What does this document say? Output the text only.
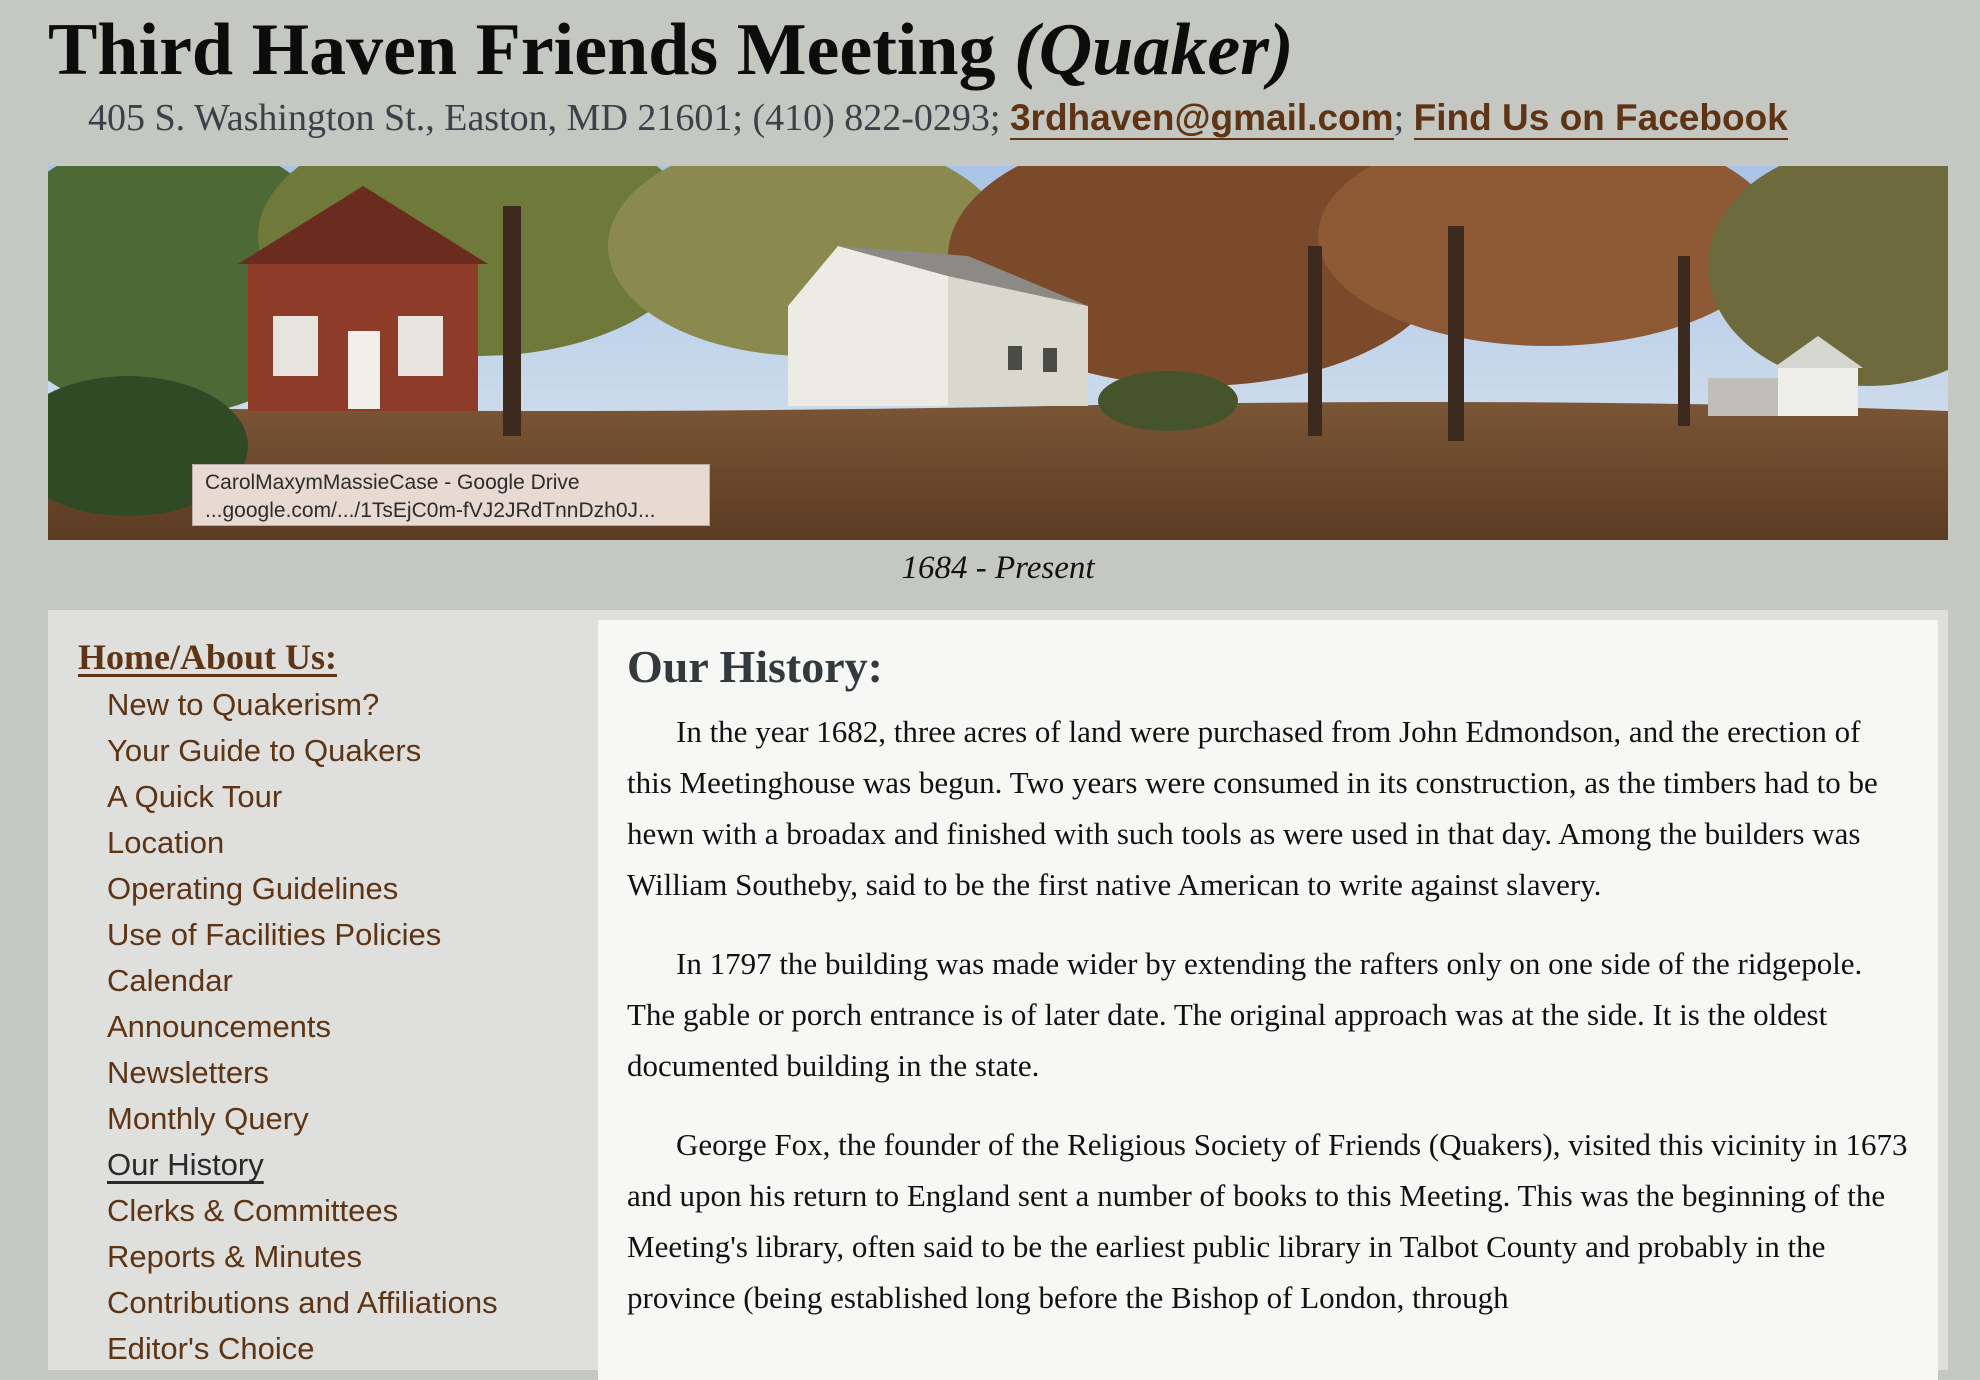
Third Haven Friends Meeting (Quaker)
405 S. Washington St., Easton, MD 21601; (410) 822-0293; 3rdhaven@gmail.com; Find Us on Facebook
CarolMaxymMassieCase - Google Drive
...google.com/.../1TsEjC0m-fVJ2JRdTnnDzh0J...
1684 - Present
Home/About Us:
New to Quakerism?
Your Guide to Quakers
A Quick Tour
Location
Operating Guidelines
Use of Facilities Policies
Calendar
Announcements
Newsletters
Monthly Query
Our History
Clerks & Committees
Reports & Minutes
Contributions and Affiliations
Editor's Choice
Our History:

In the year 1682, three acres of land were purchased from John Edmondson, and the erection of this Meetinghouse was begun. Two years were consumed in its construction, as the timbers had to be hewn with a broadax and finished with such tools as were used in that day. Among the builders was William Southeby, said to be the first native American to write against slavery.

In 1797 the building was made wider by extending the rafters only on one side of the ridgepole. The gable or porch entrance is of later date. The original approach was at the side. It is the oldest documented building in the state.

George Fox, the founder of the Religious Society of Friends (Quakers), visited this vicinity in 1673 and upon his return to England sent a number of books to this Meeting. This was the beginning of the Meeting's library, often said to be the earliest public library in Talbot County and probably in the province (being established long before the Bishop of London, through
